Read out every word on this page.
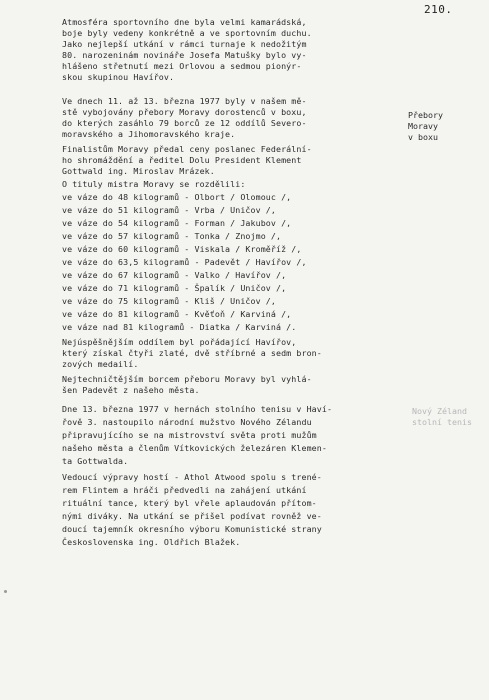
210.
Atmosféra sportovního dne byla velmi kamarádská,
boje byly vedeny konkrétně a ve sportovním duchu.
Jako nejlepší utkání v rámci turnaje k nedožitým
80. narozeninám novináře Josefa Matušky bylo vy-
hlášeno střetnutí mezi Orlovou a sedmou pionýr-
skou skupinou Havířov.
Ve dnech 11. až 13. března 1977 byly v našem mě-
stě vybojovány přebory Moravy dorostenců v boxu,
do kterých zasáhlo 79 borců ze 12 oddílů Severo-
moravského a Jihomoravského kraje.
Finalistům Moravy předal ceny poslanec Federální-
ho shromáždění a ředitel Dolu President Klement
Gottwald ing. Miroslav Mrázek.
O tituly mistra Moravy se rozdělili:
ve váze do 48 kilogramů - Olbort / Olomouc /,
ve váze do 51 kilogramů - Vrba / Uničov /,
ve váze do 54 kilogramů - Forman / Jakubov /,
ve váze do 57 kilogramů - Tonka / Znojmo /,
ve váze do 60 kilogramů - Viskala / Kroměříž /,
ve váze do 63,5 kilogramů - Padevět / Havířov /,
ve váze do 67 kilogramů - Valko / Havířov /,
ve váze do 71 kilogramů - Špalík / Uničov /,
ve váze do 75 kilogramů - Kliš / Uničov /,
ve váze do 81 kilogramů - Kvěťoň / Karviná /,
ve váze nad 81 kilogramů - Diatka / Karviná /.
Nejúspěšnějším oddílem byl pořádající Havířov,
který získal čtyři zlaté, dvě stříbrné a sedm bron-
zových medailí.
Nejtechničtějším borcem přeboru Moravy byl vyhlá-
šen Padevět z našeho města.
Dne 13. března 1977 v hernách stolního tenisu v Haví-
řově 3. nastoupilo národní mužstvo Nového Zélandu
připravujícího se na mistrovství světa proti mužům
našeho města a členům Vítkovických železáren Klemen-
ta Gottwalda.
Vedoucí výpravy hostí - Athol Atwood spolu s trené-
rem Flintem a hráči předvedli na zahájení utkání
rituální tance, který byl vřele aplaudován přítom-
nými diváky. Na utkání se přišel podívat rovněž ve-
doucí tajemník okresního výboru Komunistické strany
Československa ing. Oldřich Blažek.
Přebory
Moravy
v boxu
Nový Zéland
stolní tenis
